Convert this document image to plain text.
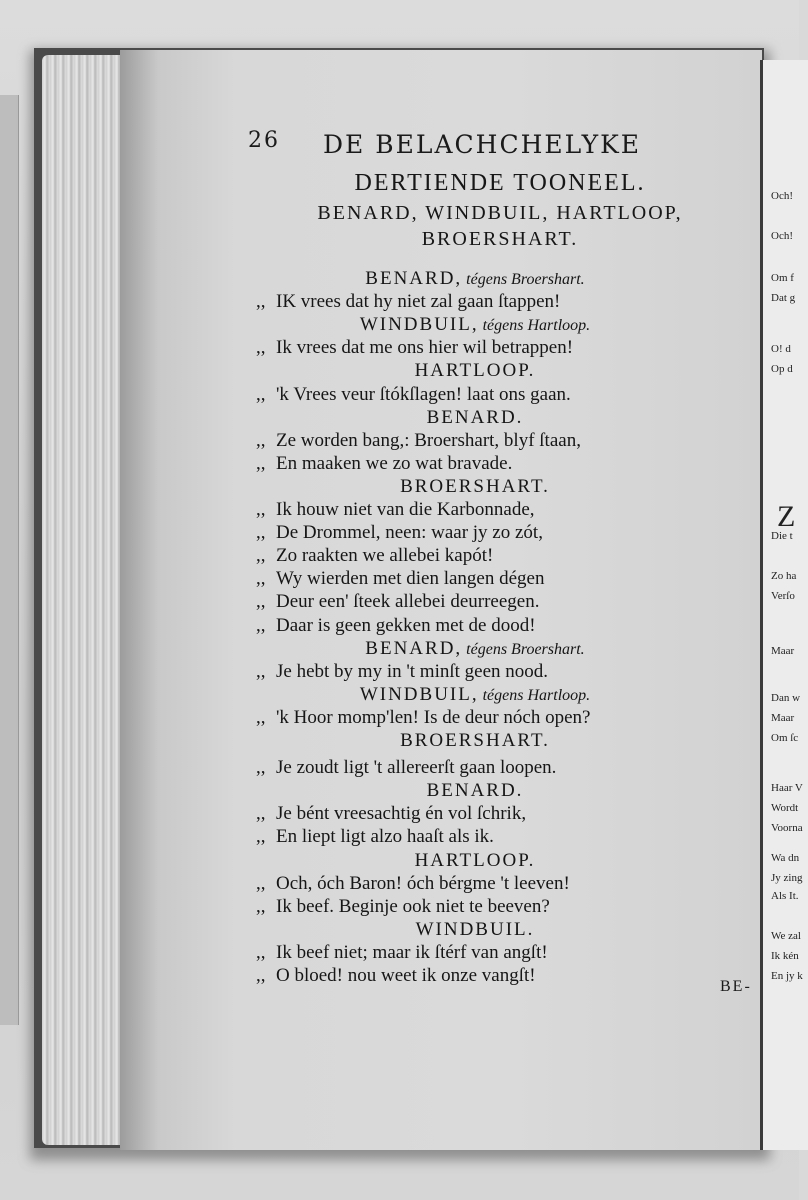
Och!
Och!
Om f
Dat g
O! d
Op d
Z
Die t
Zo ha
Verſo
Maar
Dan w
Maar
Om ſc
Haar V
Wordt
Voorna
Wa dn
Jy zing
Als It.
We zal
Ik kén
En jy k
26 DE BELACHCHELYKE
DERTIENDE TOONEEL.
BENARD, WINDBUIL, HARTLOOP,
BROERSHART.
BENARD, tégens Broershart.
,, IK vrees dat hy niet zal gaan ſtappen!
WINDBUIL, tégens Hartloop.
,, Ik vrees dat me ons hier wil betrappen!
HARTLOOP.
,, 'k Vrees veur ſtókſlagen! laat ons gaan.
BENARD.
,, Ze worden bang,: Broershart, blyf ſtaan,
,, En maaken we zo wat bravade.
BROERSHART.
,, Ik houw niet van die Karbonnade,
,, De Drommel, neen: waar jy zo zót,
,, Zo raakten we allebei kapót!
,, Wy wierden met dien langen dégen
,, Deur een' ſteek allebei deurreegen.
,, Daar is geen gekken met de dood!
BENARD, tégens Broershart.
,, Je hebt by my in 't minſt geen nood.
WINDBUIL, tégens Hartloop.
,, 'k Hoor momp'len! Is de deur nóch open?
BROERSHART.
,, Je zoudt ligt 't allereerſt gaan loopen.
BENARD.
,, Je bént vreesachtig én vol ſchrik,
,, En liept ligt alzo haaſt als ik.
HARTLOOP.
,, Och, óch Baron! óch bérgme 't leeven!
,, Ik beef. Beginje ook niet te beeven?
WINDBUIL.
,, Ik beef niet; maar ik ſtérf van angſt!
,, O bloed! nou weet ik onze vangſt!
BE-
